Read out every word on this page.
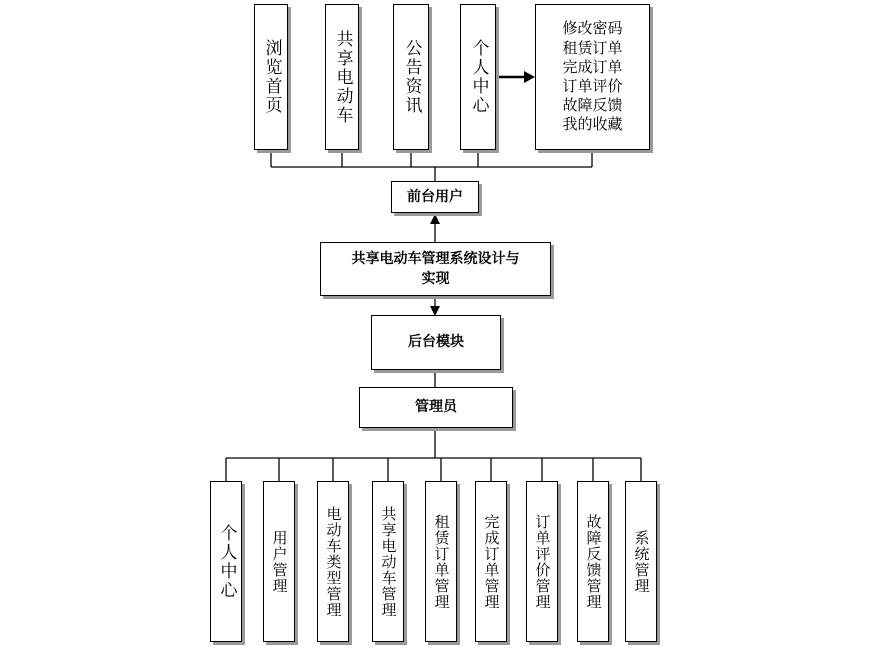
浏览首页	共享电动车	公告资讯	个人中心
修改密码
租赁订单
完成订单
订单评价
故障反馈
我的收藏
前台用户
共享电动车管理系统设计与
实现
后台模块
管理员
个人中心 用户管理 电动车类型管理 共享电动车管理 租赁订单管理 完成订单管理 订单评价管理 故障反馈管理 系统管理
